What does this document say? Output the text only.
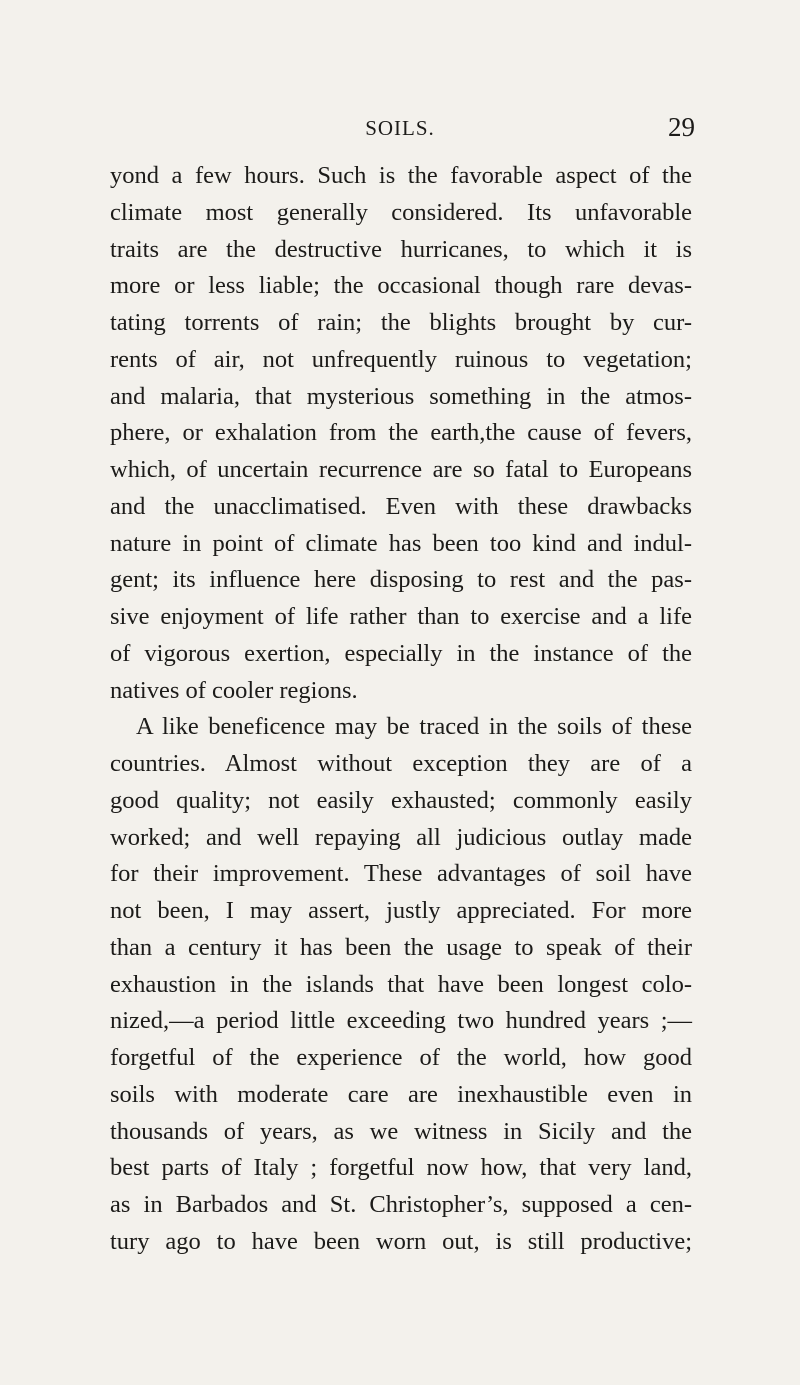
SOILS.	29
yond a few hours. Such is the favorable aspect of the
climate most generally considered. Its unfavorable
traits are the destructive hurricanes, to which it is
more or less liable; the occasional though rare devas-
tating torrents of rain; the blights brought by cur-
rents of air, not unfrequently ruinous to vegetation;
and malaria, that mysterious something in the atmos-
phere, or exhalation from the earth,the cause of fevers,
which, of uncertain recurrence are so fatal to Europeans
and the unacclimatised. Even with these drawbacks
nature in point of climate has been too kind and indul-
gent; its influence here disposing to rest and the pas-
sive enjoyment of life rather than to exercise and a life
of vigorous exertion, especially in the instance of the
natives of cooler regions.
A like beneficence may be traced in the soils of these
countries. Almost without exception they are of a
good quality; not easily exhausted; commonly easily
worked; and well repaying all judicious outlay made
for their improvement. These advantages of soil have
not been, I may assert, justly appreciated. For more
than a century it has been the usage to speak of their
exhaustion in the islands that have been longest colo-
nized,—a period little exceeding two hundred years ;—
forgetful of the experience of the world, how good
soils with moderate care are inexhaustible even in
thousands of years, as we witness in Sicily and the
best parts of Italy ; forgetful now how, that very land,
as in Barbados and St. Christopher’s, supposed a cen-
tury ago to have been worn out, is still productive;
